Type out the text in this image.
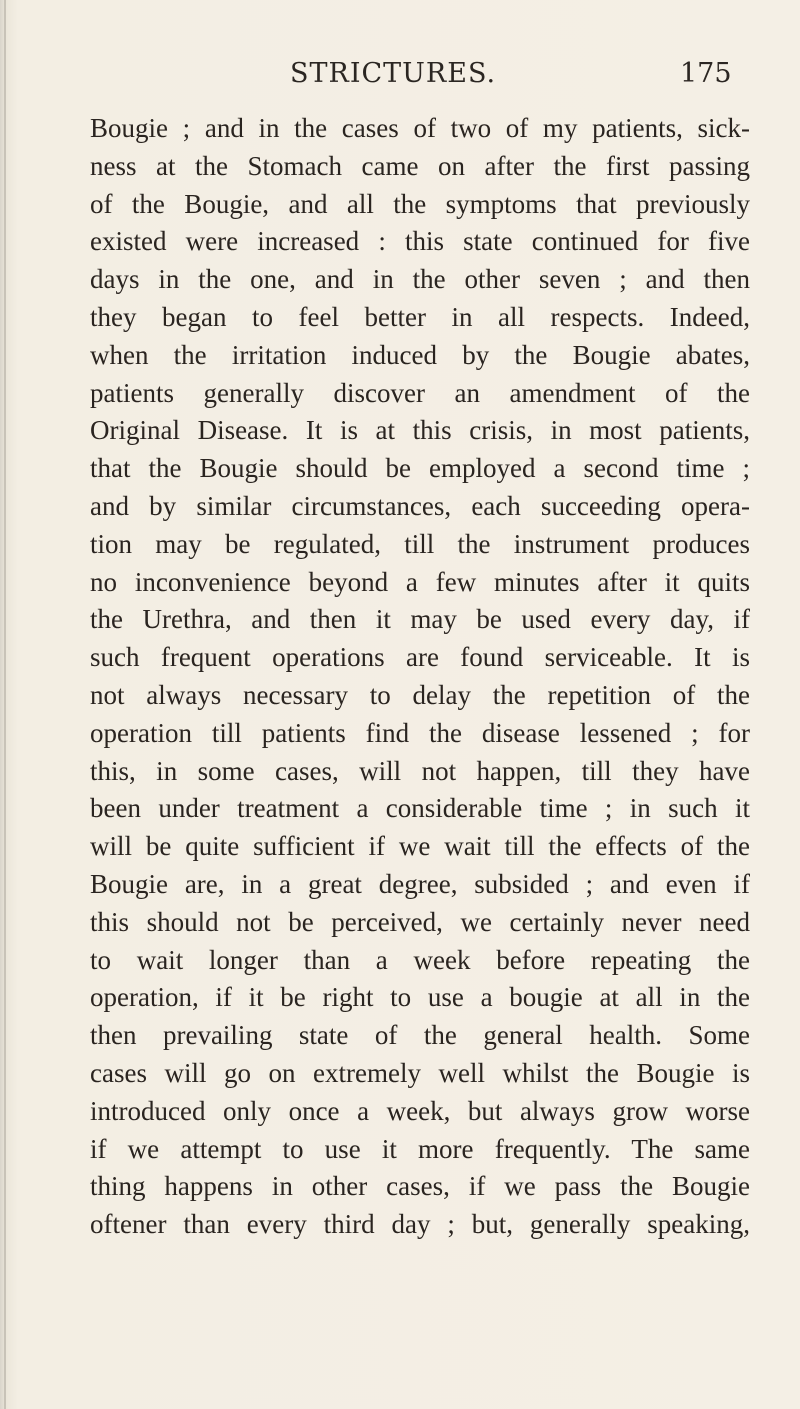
STRICTURES.	175
Bougie ; and in the cases of two of my patients, sick-
ness at the Stomach came on after the first passing
of the Bougie, and all the symptoms that previously
existed were increased : this state continued for five
days in the one, and in the other seven ; and then
they began to feel better in all respects. Indeed,
when the irritation induced by the Bougie abates,
patients generally discover an amendment of the
Original Disease. It is at this crisis, in most patients,
that the Bougie should be employed a second time ;
and by similar circumstances, each succeeding opera-
tion may be regulated, till the instrument produces
no inconvenience beyond a few minutes after it quits
the Urethra, and then it may be used every day, if
such frequent operations are found serviceable. It is
not always necessary to delay the repetition of the
operation till patients find the disease lessened ; for
this, in some cases, will not happen, till they have
been under treatment a considerable time ; in such it
will be quite sufficient if we wait till the effects of the
Bougie are, in a great degree, subsided ; and even if
this should not be perceived, we certainly never need
to wait longer than a week before repeating the
operation, if it be right to use a bougie at all in the
then prevailing state of the general health. Some
cases will go on extremely well whilst the Bougie is
introduced only once a week, but always grow worse
if we attempt to use it more frequently. The same
thing happens in other cases, if we pass the Bougie
oftener than every third day ; but, generally speaking,
